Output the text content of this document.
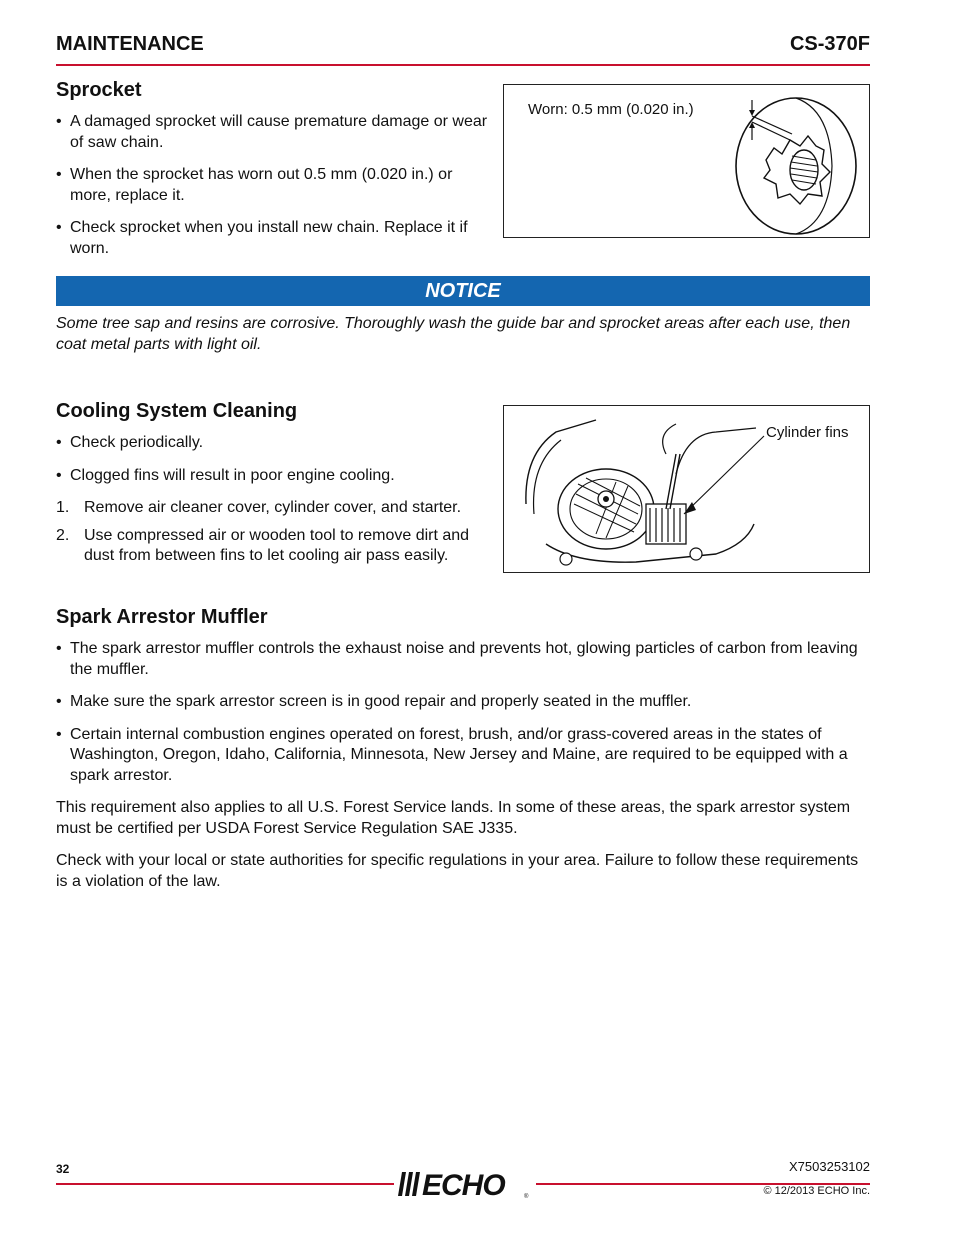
MAINTENANCE	CS-370F
Sprocket
• A damaged sprocket will cause premature damage or wear of saw chain.
• When the sprocket has worn out 0.5 mm (0.020 in.) or more, replace it.
• Check sprocket when you install new chain. Replace it if worn.
Worn: 0.5 mm (0.020 in.)
NOTICE
Some tree sap and resins are corrosive. Thoroughly wash the guide bar and sprocket areas after each use, then coat metal parts with light oil.
Cooling System Cleaning
• Check periodically.
• Clogged fins will result in poor engine cooling.
1. Remove air cleaner cover, cylinder cover, and starter.
2. Use compressed air or wooden tool to remove dirt and dust from between fins to let cooling air pass easily.
Cylinder fins
Spark Arrestor Muffler
• The spark arrestor muffler controls the exhaust noise and prevents hot, glowing particles of carbon from leaving the muffler.
• Make sure the spark arrestor screen is in good repair and properly seated in the muffler.
• Certain internal combustion engines operated on forest, brush, and/or grass-covered areas in the states of Washington, Oregon, Idaho, California, Minnesota, New Jersey and Maine, are required to be equipped with a spark arrestor.
This requirement also applies to all U.S. Forest Service lands. In some of these areas, the spark arrestor system must be certified per USDA Forest Service Regulation SAE J335.
Check with your local or state authorities for specific regulations in your area. Failure to follow these requirements is a violation of the law.
32	ECHO	®
X7503253102
© 12/2013 ECHO Inc.
